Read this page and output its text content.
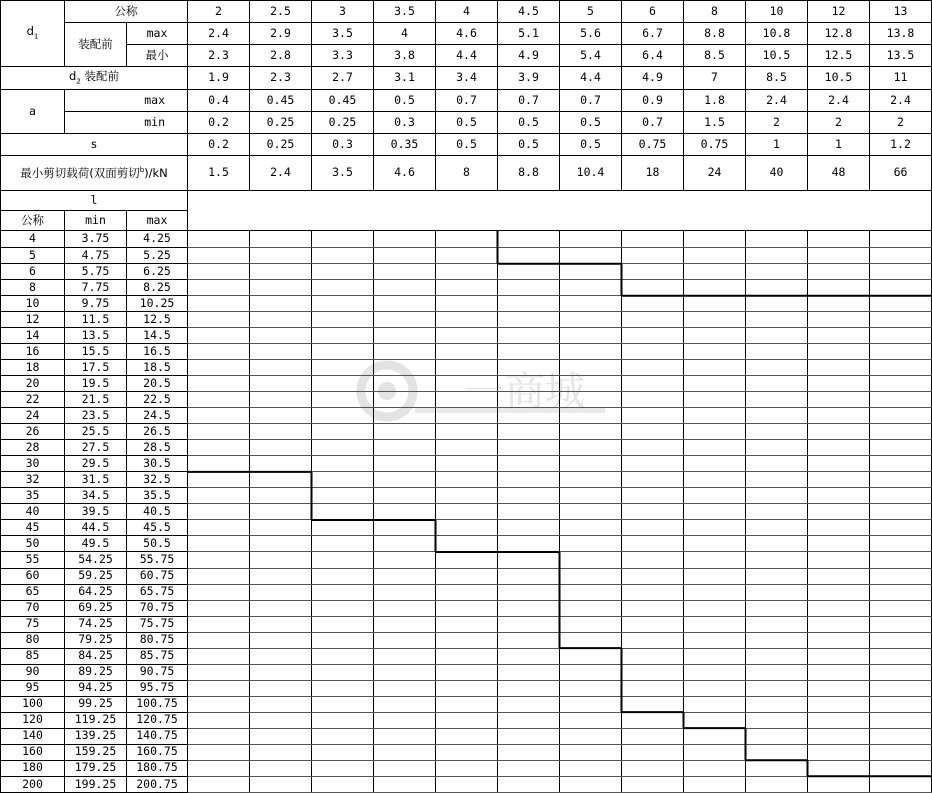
$d_1$	公称		2	2.5	3	3.5	4	4.5	5	6	8	10	12	13
	装配前	max	2.4	2.9	3.5	4	4.6	5.1	5.6	6.7	8.8	10.8	12.8	13.8
		最小	2.3	2.8	3.3	3.8	4.4	4.9	5.4	6.4	8.5	10.5	12.5	13.5
$d_2$ 装配前			1.9	2.3	2.7	3.1	3.4	3.9	4.4	4.9	7	8.5	10.5	11
a	max		0.4	0.45	0.45	0.5	0.7	0.7	0.7	0.9	1.8	2.4	2.4	2.4
	min		0.2	0.25	0.25	0.3	0.5	0.5	0.5	0.7	1.5	2	2	2
s			0.2	0.25	0.3	0.35	0.5	0.5	0.5	0.75	0.75	1	1	1.2
最小剪切载荷(双面剪切$^b$)/kN			1.5	2.4	3.5	4.6	8	8.8	10.4	18	24	40	48	66
l														
公称	min	max												
4	3.75	4.25												
5	4.75	5.25												
6	5.75	6.25												
8	7.75	8.25												
10	9.75	10.25												
12	11.5	12.5												
14	13.5	14.5												
16	15.5	16.5												
18	17.5	18.5												
20	19.5	20.5												
22	21.5	22.5												
24	23.5	24.5												
26	25.5	26.5												
28	27.5	28.5												
30	29.5	30.5												
32	31.5	32.5												
35	34.5	35.5												
40	39.5	40.5												
45	44.5	45.5												
50	49.5	50.5												
55	54.25	55.75												
60	59.25	60.75												
65	64.25	65.75												
70	69.25	70.75												
75	74.25	75.75												
80	79.25	80.75												
85	84.25	85.75												
90	89.25	90.75												
95	94.25	95.75												
100	99.25	100.75												
120	119.25	120.75												
140	139.25	140.75												
160	159.25	160.75												
180	179.25	180.75												
200	199.25	200.75												
一商城
